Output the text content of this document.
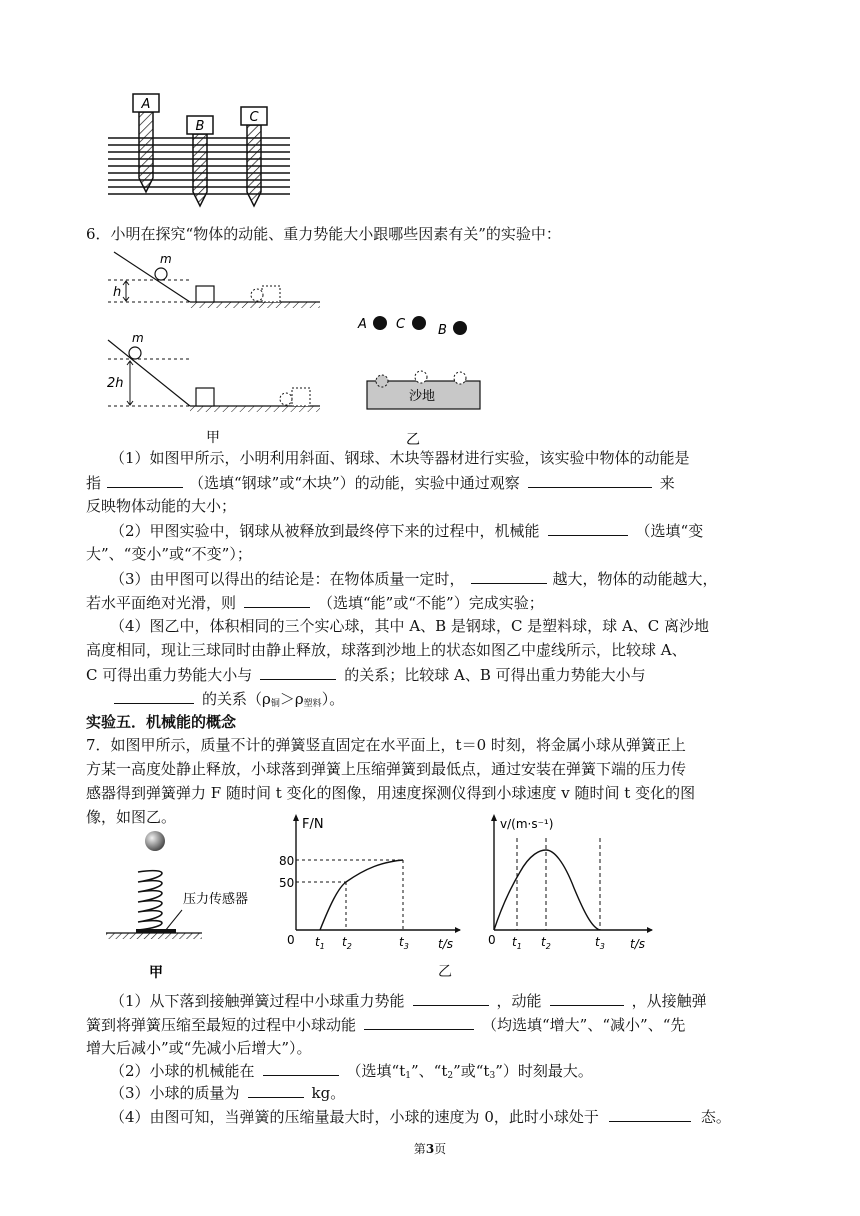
A
B
C
6．小明在探究“物体的动能、重力势能大小跟哪些因素有关”的实验中：
m
h
m
2h
甲
A C	B
沙地
乙
（1）如图甲所示，小明利用斜面、钢球、木块等器材进行实验，该实验中物体的动能是
指	（选填“钢球”或“木块”）的动能，实验中通过观察	来
反映物体动能的大小；
（2）甲图实验中，钢球从被释放到最终停下来的过程中，机械能	（选填“变
大”、“变小”或“不变”）；
（3）由甲图可以得出的结论是：在物体质量一定时，	越大，物体的动能越大，
若水平面绝对光滑，则	（选填“能”或“不能”）完成实验；
（4）图乙中，体积相同的三个实心球，其中 A、B 是钢球，C 是塑料球，球 A、C 离沙地
高度相同，现让三球同时由静止释放，球落到沙地上的状态如图乙中虚线所示，比较球 A、
C 可得出重力势能大小与	的关系；比较球 A、B 可得出重力势能大小与
的关系$(\rho_铜>\rho_{塑料})$。
实验五．机械能的概念
7．如图甲所示，质量不计的弹簧竖直固定在水平面上，t＝0 时刻，将金属小球从弹簧正上
方某一高度处静止释放，小球落到弹簧上压缩弹簧到最低点，通过安装在弹簧下端的压力传
感器得到弹簧弹力 F 随时间 t 变化的图像，用速度探测仪得到小球速度 v 随时间 t 变化的图
像，如图乙。
压力传感器
甲
F/N
80
50
0 $t_1$ $t_2$	$t_3$ t/s
v/(m·s⁻¹)
0 $t_1$ $t_2$	$t_3$ t/s
乙
（1）从下落到接触弹簧过程中小球重力势能	，动能	，从接触弹
簧到将弹簧压缩至最短的过程中小球动能	（均选填“增大”、“减小”、“先
增大后减小”或“先减小后增大”）。
（2）小球的机械能在	（选填“$t_1$”、“$t_2$”或“$t_3$”）时刻最大。
（3）小球的质量为	kg。
（4）由图可知，当弹簧的压缩量最大时，小球的速度为 0，此时小球处于	态。
第3页
